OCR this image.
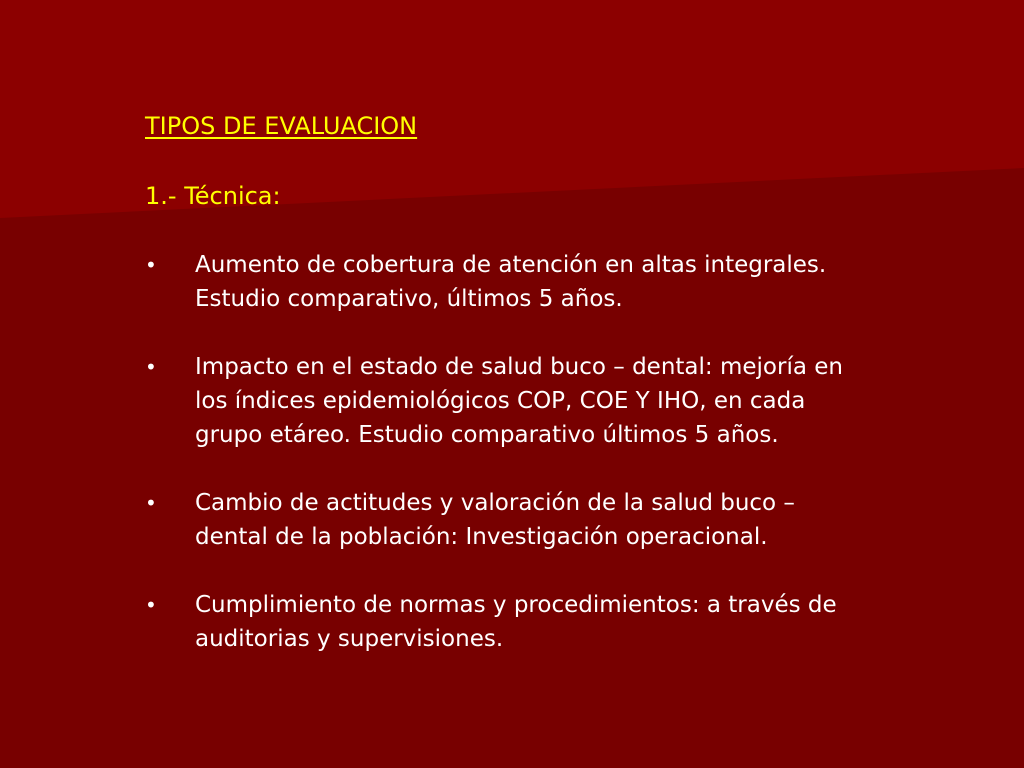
TIPOS DE EVALUACION
1.- Técnica:
•	Aumento de cobertura de atención en altas integrales. Estudio comparativo, últimos 5 años.
•	Impacto en el estado de salud buco – dental: mejoría en los índices epidemiológicos COP, COE Y IHO, en cada grupo etáreo. Estudio comparativo últimos 5 años.
•	Cambio de actitudes y valoración de la salud buco – dental de la población: Investigación operacional.
•	Cumplimiento de normas y procedimientos: a través de auditorias y supervisiones.
